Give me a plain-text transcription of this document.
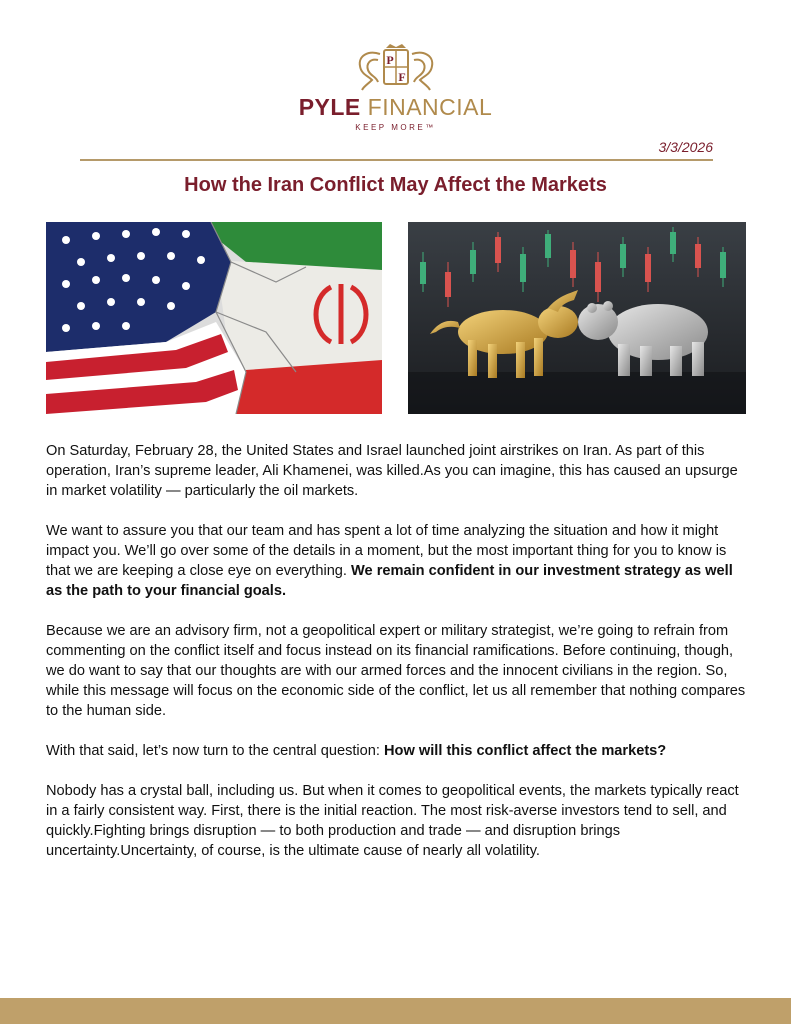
P
F
PYLE FINANCIAL
KEEP MORE™
3/3/2026
How the Iran Conflict May Affect the Markets

On Saturday, February 28, the United States and Israel launched joint airstrikes on Iran. As part of this operation, Iran’s supreme leader, Ali Khamenei, was killed.As you can imagine, this has caused an upsurge in market volatility — particularly the oil markets.

We want to assure you that our team and has spent a lot of time analyzing the situation and how it might impact you. We’ll go over some of the details in a moment, but the most important thing for you to know is that we are keeping a close eye on everything. We remain confident in our investment strategy as well as the path to your financial goals.

Because we are an advisory firm, not a geopolitical expert or military strategist, we’re going to refrain from commenting on the conflict itself and focus instead on its financial ramifications. Before continuing, though, we do want to say that our thoughts are with our armed forces and the innocent civilians in the region. So, while this message will focus on the economic side of the conflict, let us all remember that nothing compares to the human side.

With that said, let’s now turn to the central question: How will this conflict affect the markets?

Nobody has a crystal ball, including us. But when it comes to geopolitical events, the markets typically react in a fairly consistent way. First, there is the initial reaction. The most risk-averse investors tend to sell, and quickly.Fighting brings disruption — to both production and trade — and disruption brings uncertainty.Uncertainty, of course, is the ultimate cause of nearly all volatility.
